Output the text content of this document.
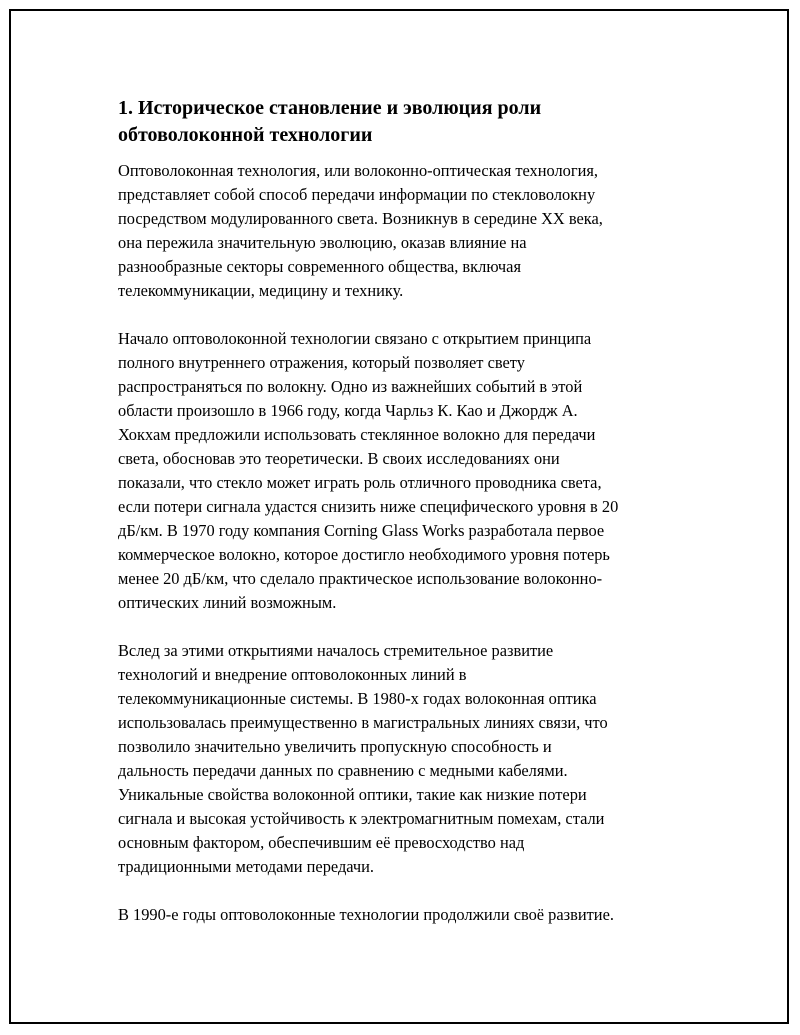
1. Историческое становление и эволюция роли
обтоволоконной технологии

Оптоволоконная технология, или волоконно-оптическая технология,
представляет собой способ передачи информации по стекловолокну
посредством модулированного света. Возникнув в середине XX века,
она пережила значительную эволюцию, оказав влияние на
разнообразные секторы современного общества, включая
телекоммуникации, медицину и технику.

Начало оптоволоконной технологии связано с открытием принципа
полного внутреннего отражения, который позволяет свету
распространяться по волокну. Одно из важнейших событий в этой
области произошло в 1966 году, когда Чарльз К. Као и Джордж А.
Хокхам предложили использовать стеклянное волокно для передачи
света, обосновав это теоретически. В своих исследованиях они
показали, что стекло может играть роль отличного проводника света,
если потери сигнала удастся снизить ниже специфического уровня в 20
дБ/км. В 1970 году компания Corning Glass Works разработала первое
коммерческое волокно, которое достигло необходимого уровня потерь
менее 20 дБ/км, что сделало практическое использование волоконно-
оптических линий возможным.

Вслед за этими открытиями началось стремительное развитие
технологий и внедрение оптоволоконных линий в
телекоммуникационные системы. В 1980-х годах волоконная оптика
использовалась преимущественно в магистральных линиях связи, что
позволило значительно увеличить пропускную способность и
дальность передачи данных по сравнению с медными кабелями.
Уникальные свойства волоконной оптики, такие как низкие потери
сигнала и высокая устойчивость к электромагнитным помехам, стали
основным фактором, обеспечившим её превосходство над
традиционными методами передачи.

В 1990-е годы оптоволоконные технологии продолжили своё развитие.
